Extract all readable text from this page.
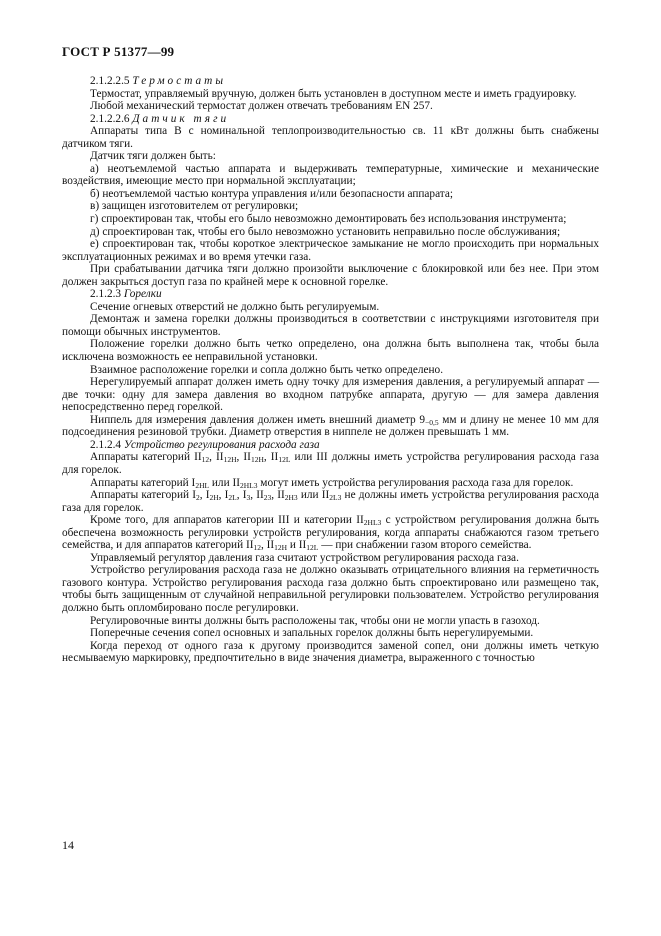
ГОСТ Р 51377—99

2.1.2.2.5 Термостаты

Термостат, управляемый вручную, должен быть установлен в доступном месте и иметь градуировку.

Любой механический термостат должен отвечать требованиям EN 257.

2.1.2.2.6 Датчик тяги

Аппараты типа B с номинальной теплопроизводительностью св. 11 кВт должны быть снабжены датчиком тяги.

Датчик тяги должен быть:

а) неотъемлемой частью аппарата и выдерживать температурные, химические и механические воздействия, имеющие место при нормальной эксплуатации;

б) неотъемлемой частью контура управления и/или безопасности аппарата;

в) защищен изготовителем от регулировки;

г) спроектирован так, чтобы его было невозможно демонтировать без использования инструмента;

д) спроектирован так, чтобы его было невозможно установить неправильно после обслуживания;

е) спроектирован так, чтобы короткое электрическое замыкание не могло происходить при нормальных эксплуатационных режимах и во время утечки газа.

При срабатывании датчика тяги должно произойти выключение с блокировкой или без нее. При этом должен закрыться доступ газа по крайней мере к основной горелке.

2.1.2.3 Горелки

Сечение огневых отверстий не должно быть регулируемым.

Демонтаж и замена горелки должны производиться в соответствии с инструкциями изготовителя при помощи обычных инструментов.

Положение горелки должно быть четко определено, она должна быть выполнена так, чтобы была исключена возможность ее неправильной установки.

Взаимное расположение горелки и сопла должно быть четко определено.

Нерегулируемый аппарат должен иметь одну точку для измерения давления, а регулируемый аппарат — две точки: одну для замера давления во входном патрубке аппарата, другую — для замера давления непосредственно перед горелкой.

Ниппель для измерения давления должен иметь внешний диаметр $9_{-0,5}$ мм и длину не менее 10 мм для подсоединения резиновой трубки. Диаметр отверстия в ниппеле не должен превышать 1 мм.

2.1.2.4 Устройство регулирования расхода газа

Аппараты категорий $II_{12}$, $II_{12H}$, $II_{12H}$, $II_{12L}$ или III должны иметь устройства регулирования расхода газа для горелок.

Аппараты категорий $I_{2HL}$ или $II_{2HL3}$ могут иметь устройства регулирования расхода газа для горелок.

Аппараты категорий $I_2$, $I_{2H}$, $I_{2L}$, $I_3$, $II_{23}$, $II_{2H3}$ или $II_{2L3}$ не должны иметь устройства регулирования расхода газа для горелок.

Кроме того, для аппаратов категории III и категории $II_{2HL3}$ с устройством регулирования должна быть обеспечена возможность регулировки устройств регулирования, когда аппараты снабжаются газом третьего семейства, и для аппаратов категорий $II_{12}$, $II_{12H}$ и $II_{12L}$ — при снабжении газом второго семейства.

Управляемый регулятор давления газа считают устройством регулирования расхода газа.

Устройство регулирования расхода газа не должно оказывать отрицательного влияния на герметичность газового контура. Устройство регулирования расхода газа должно быть спроектировано или размещено так, чтобы быть защищенным от случайной неправильной регулировки пользователем. Устройство регулирования должно быть опломбировано после регулировки.

Регулировочные винты должны быть расположены так, чтобы они не могли упасть в газоход.

Поперечные сечения сопел основных и запальных горелок должны быть нерегулируемыми.

Когда переход от одного газа к другому производится заменой сопел, они должны иметь четкую несмываемую маркировку, предпочтительно в виде значения диаметра, выраженного с точностью

14
